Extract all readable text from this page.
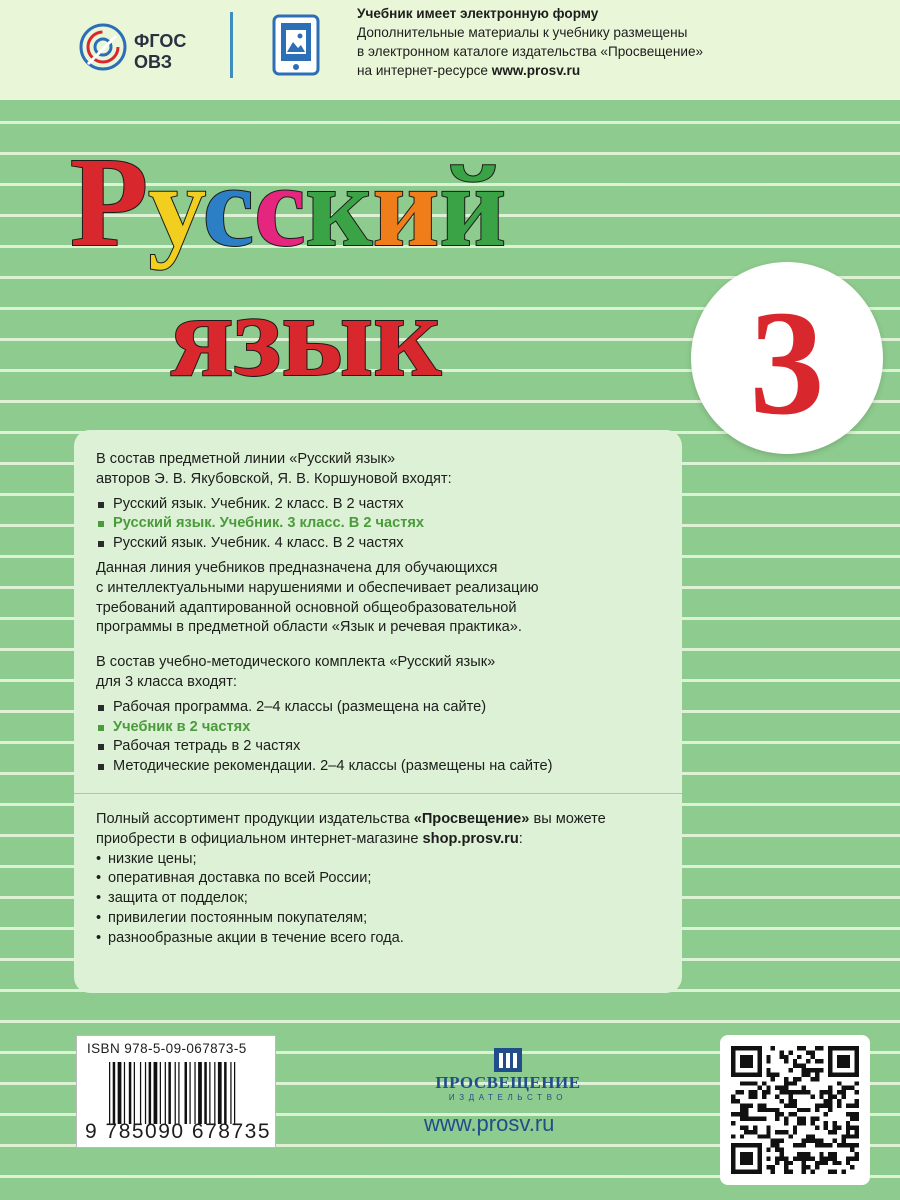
ФГОС
ОВЗ
Учебник имеет электронную форму
Дополнительные материалы к учебнику размещены
в электронном каталоге издательства «Просвещение»
на интернет-ресурсе www.prosv.ru
Русский
язык 3

В состав предметной линии «Русский язык»

авторов Э. В. Якубовской, Я. В. Коршуновой входят:

Русский язык. Учебник. 2 класс. В 2 частях
Русский язык. Учебник. 3 класс. В 2 частях
Русский язык. Учебник. 4 класс. В 2 частях

Данная линия учебников предназначена для обучающихся

с интеллектуальными нарушениями и обеспечивает реализацию

требований адаптированной основной общеобразовательной

программы в предметной области «Язык и речевая практика».

В состав учебно-методического комплекта «Русский язык»

для 3 класса входят:

Рабочая программа. 2–4 классы (размещена на сайте)
Учебник в 2 частях
Рабочая тетрадь в 2 частях
Методические рекомендации. 2–4 классы (размещены на сайте)

Полный ассортимент продукции издательства «Просвещение» вы можете

приобрести в официальном интернет-магазине shop.prosv.ru:

• низкие цены;
• оперативная доставка по всей России;
• защита от подделок;
• привилегии постоянным покупателям;
• разнообразные акции в течение всего года.
ISBN 978-5-09-067873-5
9 785090 678735
ПРОСВЕЩЕНИЕ
ИЗДАТЕЛЬСТВО
www.prosv.ru
